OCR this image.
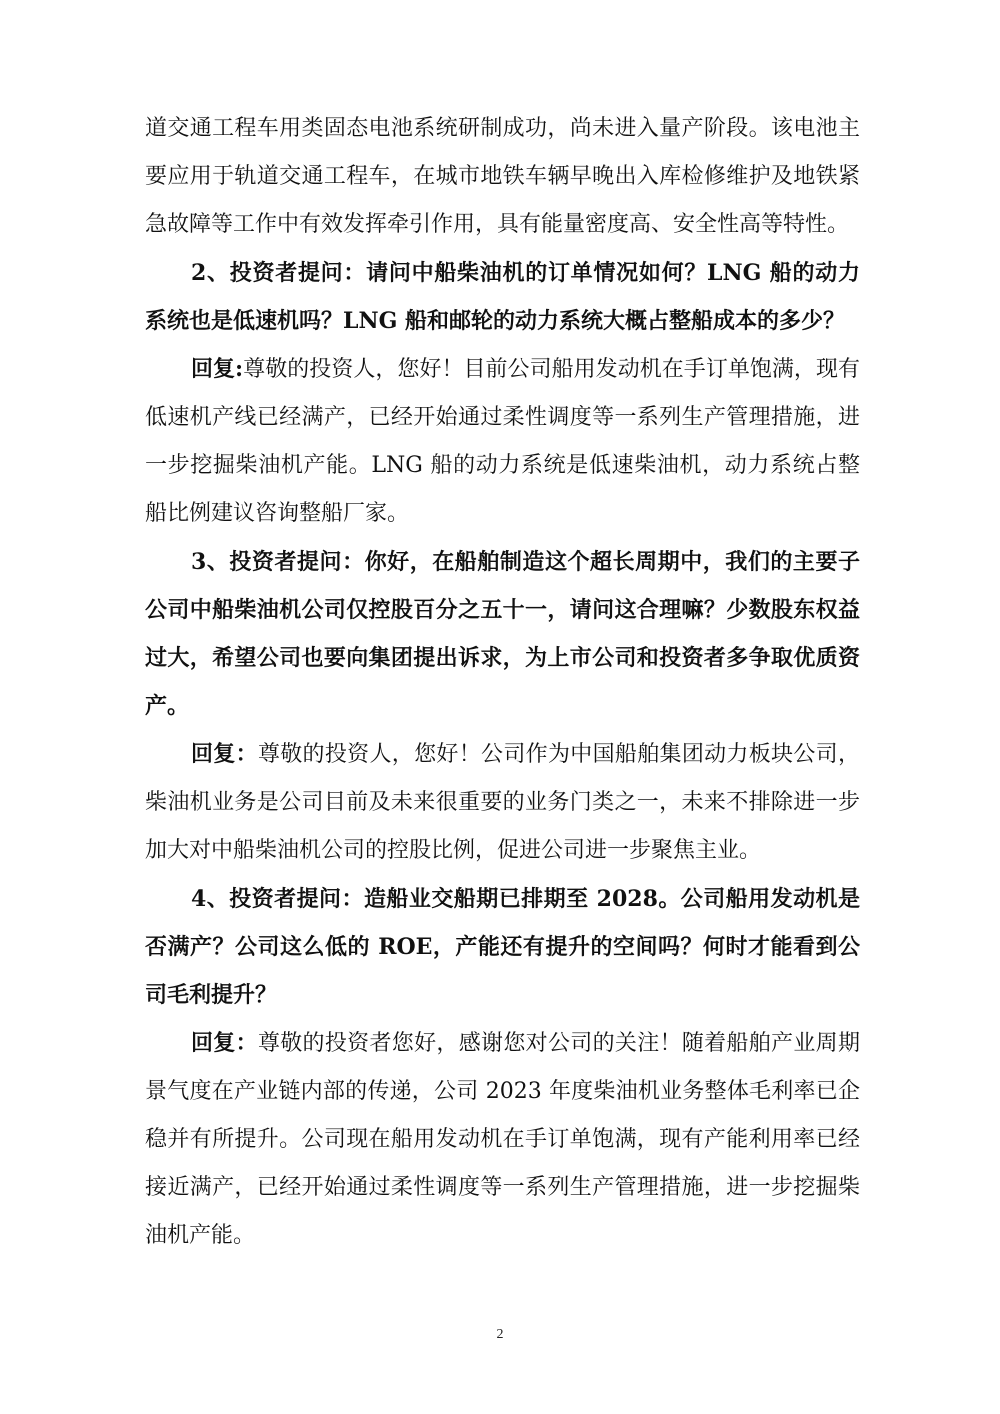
道交通工程车用类固态电池系统研制成功，尚未进入量产阶段。该电池主要应用于轨道交通工程车，在城市地铁车辆早晚出入库检修维护及地铁紧急故障等工作中有效发挥牵引作用，具有能量密度高、安全性高等特性。

2、投资者提问：请问中船柴油机的订单情况如何？LNG 船的动力系统也是低速机吗？LNG 船和邮轮的动力系统大概占整船成本的多少？

回复:尊敬的投资人，您好！目前公司船用发动机在手订单饱满，现有低速机产线已经满产，已经开始通过柔性调度等一系列生产管理措施，进一步挖掘柴油机产能。LNG 船的动力系统是低速柴油机，动力系统占整船比例建议咨询整船厂家。

3、投资者提问：你好，在船舶制造这个超长周期中，我们的主要子公司中船柴油机公司仅控股百分之五十一，请问这合理嘛？少数股东权益过大，希望公司也要向集团提出诉求，为上市公司和投资者多争取优质资产。

回复：尊敬的投资人，您好！公司作为中国船舶集团动力板块公司，柴油机业务是公司目前及未来很重要的业务门类之一，未来不排除进一步加大对中船柴油机公司的控股比例，促进公司进一步聚焦主业。

4、投资者提问：造船业交船期已排期至 2028。公司船用发动机是否满产？公司这么低的 ROE，产能还有提升的空间吗？何时才能看到公司毛利提升？

回复：尊敬的投资者您好，感谢您对公司的关注！随着船舶产业周期景气度在产业链内部的传递，公司 2023 年度柴油机业务整体毛利率已企稳并有所提升。公司现在船用发动机在手订单饱满，现有产能利用率已经接近满产，已经开始通过柔性调度等一系列生产管理措施，进一步挖掘柴油机产能。

2
